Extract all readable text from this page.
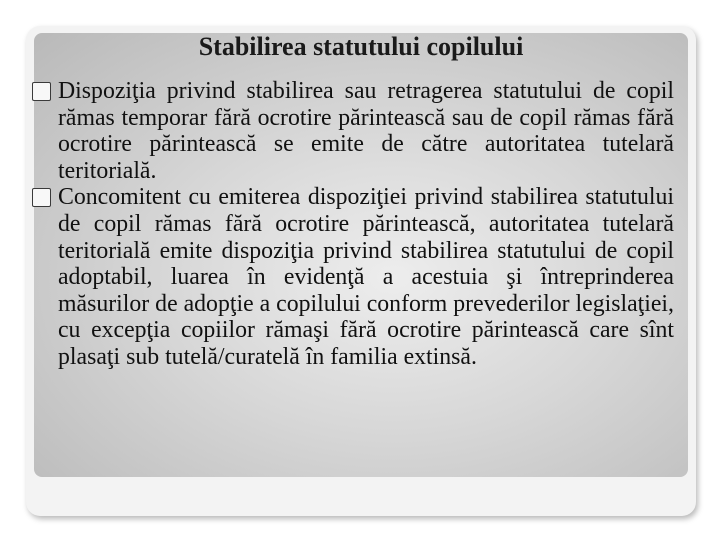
Stabilirea statutului copilului

Dispoziţia privind stabilirea sau retragerea statutului de copil rămas temporar fără ocrotire părintească sau de copil rămas fără ocrotire părintească se emite de către autoritatea tutelară teritorială.

Concomitent cu emiterea dispoziţiei privind stabilirea statutului de copil rămas fără ocrotire părintească, autoritatea tutelară teritorială emite dispoziţia privind stabilirea statutului de copil adoptabil, luarea în evidenţă a acestuia şi întreprinderea măsurilor de adopţie a copilului conform prevederilor legislaţiei, cu excepţia copiilor rămaşi fără ocrotire părintească care sînt plasaţi sub tutelă/curatelă în familia extinsă.
